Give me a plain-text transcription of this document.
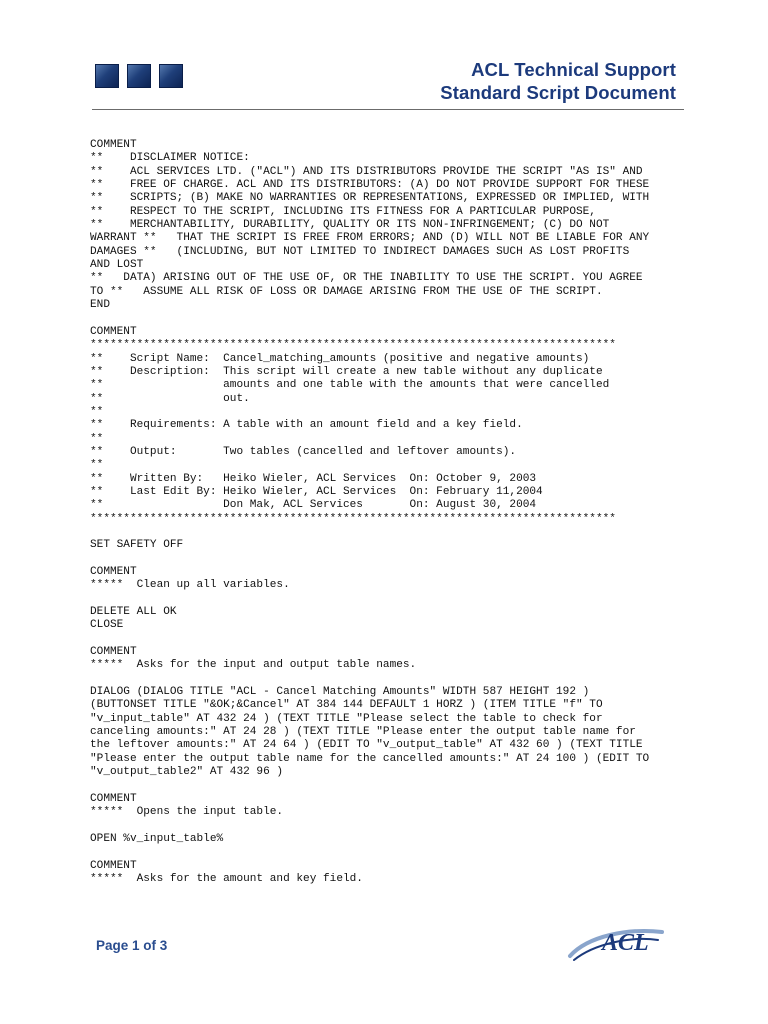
ACL Technical Support
Standard Script Document
COMMENT
**    DISCLAIMER NOTICE:
**    ACL SERVICES LTD. ("ACL") AND ITS DISTRIBUTORS PROVIDE THE SCRIPT "AS IS" AND
**    FREE OF CHARGE. ACL AND ITS DISTRIBUTORS: (A) DO NOT PROVIDE SUPPORT FOR THESE
**    SCRIPTS; (B) MAKE NO WARRANTIES OR REPRESENTATIONS, EXPRESSED OR IMPLIED, WITH
**    RESPECT TO THE SCRIPT, INCLUDING ITS FITNESS FOR A PARTICULAR PURPOSE,
**    MERCHANTABILITY, DURABILITY, QUALITY OR ITS NON-INFRINGEMENT; (C) DO NOT
WARRANT **   THAT THE SCRIPT IS FREE FROM ERRORS; AND (D) WILL NOT BE LIABLE FOR ANY
DAMAGES **   (INCLUDING, BUT NOT LIMITED TO INDIRECT DAMAGES SUCH AS LOST PROFITS
AND LOST
**   DATA) ARISING OUT OF THE USE OF, OR THE INABILITY TO USE THE SCRIPT. YOU AGREE
TO **   ASSUME ALL RISK OF LOSS OR DAMAGE ARISING FROM THE USE OF THE SCRIPT.
END

COMMENT
*******************************************************************************
**    Script Name:  Cancel_matching_amounts (positive and negative amounts)
**    Description:  This script will create a new table without any duplicate
**                  amounts and one table with the amounts that were cancelled
**                  out.
**
**    Requirements: A table with an amount field and a key field.
**
**    Output:       Two tables (cancelled and leftover amounts).
**
**    Written By:   Heiko Wieler, ACL Services  On: October 9, 2003
**    Last Edit By: Heiko Wieler, ACL Services  On: February 11,2004
**                  Don Mak, ACL Services       On: August 30, 2004
*******************************************************************************

SET SAFETY OFF

COMMENT
*****  Clean up all variables.

DELETE ALL OK
CLOSE

COMMENT
*****  Asks for the input and output table names.

DIALOG (DIALOG TITLE "ACL - Cancel Matching Amounts" WIDTH 587 HEIGHT 192 )
(BUTTONSET TITLE "&OK;&Cancel" AT 384 144 DEFAULT 1 HORZ ) (ITEM TITLE "f" TO
"v_input_table" AT 432 24 ) (TEXT TITLE "Please select the table to check for
canceling amounts:" AT 24 28 ) (TEXT TITLE "Please enter the output table name for
the leftover amounts:" AT 24 64 ) (EDIT TO "v_output_table" AT 432 60 ) (TEXT TITLE
"Please enter the output table name for the cancelled amounts:" AT 24 100 ) (EDIT TO
"v_output_table2" AT 432 96 )

COMMENT
*****  Opens the input table.

OPEN %v_input_table%

COMMENT
*****  Asks for the amount and key field.
Page 1 of 3	ACL
